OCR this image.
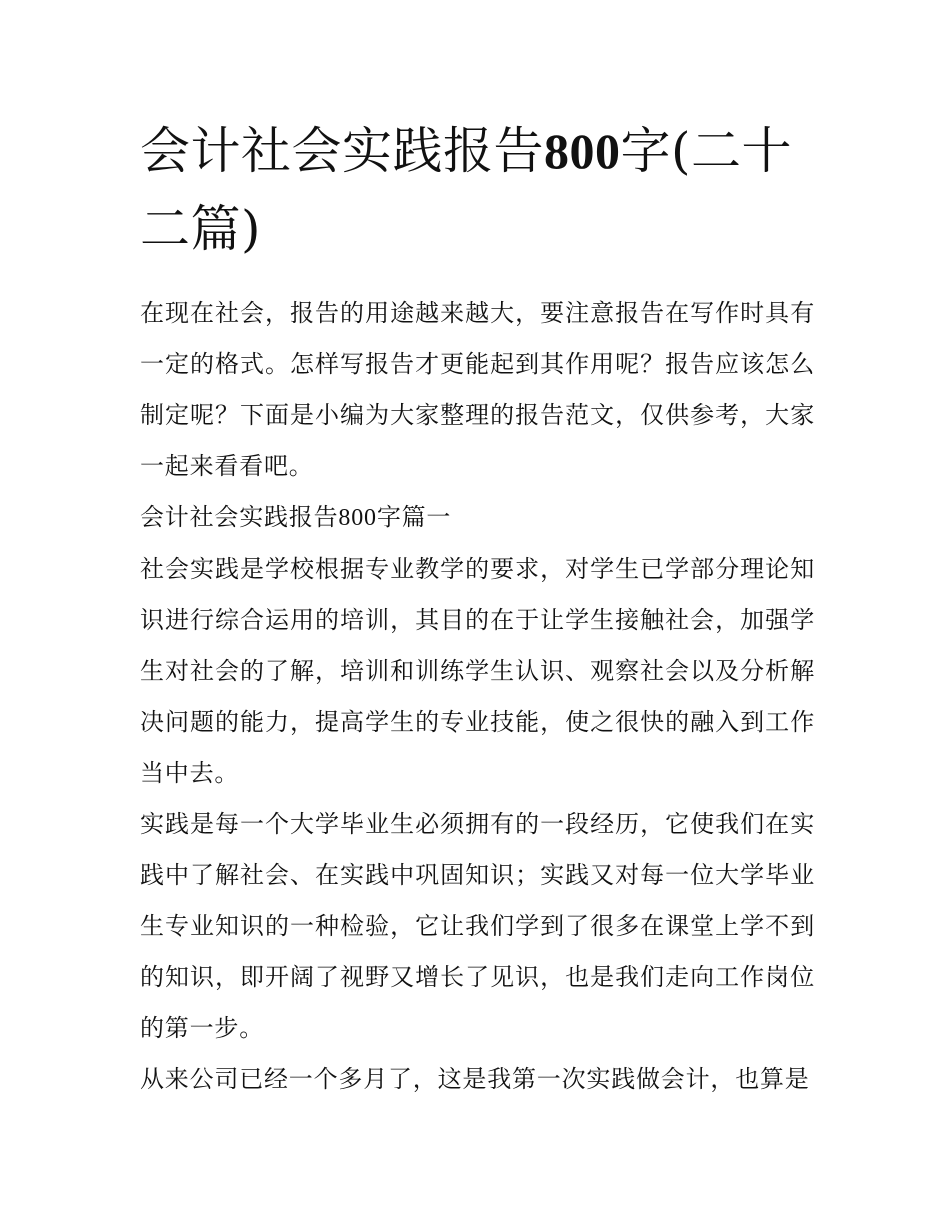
会计社会实践报告800字(二十二篇)

在现在社会，报告的用途越来越大，要注意报告在写作时具有一定的格式。怎样写报告才更能起到其作用呢？报告应该怎么制定呢？下面是小编为大家整理的报告范文，仅供参考，大家一起来看看吧。

会计社会实践报告800字篇一

社会实践是学校根据专业教学的要求，对学生已学部分理论知识进行综合运用的培训，其目的在于让学生接触社会，加强学生对社会的了解，培训和训练学生认识、观察社会以及分析解决问题的能力，提高学生的专业技能，使之很快的融入到工作当中去。

实践是每一个大学毕业生必须拥有的一段经历，它使我们在实践中了解社会、在实践中巩固知识；实践又对每一位大学毕业生专业知识的一种检验，它让我们学到了很多在课堂上学不到的知识，即开阔了视野又增长了见识，也是我们走向工作岗位的第一步。

从来公司已经一个多月了，这是我第一次实践做会计，也算是
